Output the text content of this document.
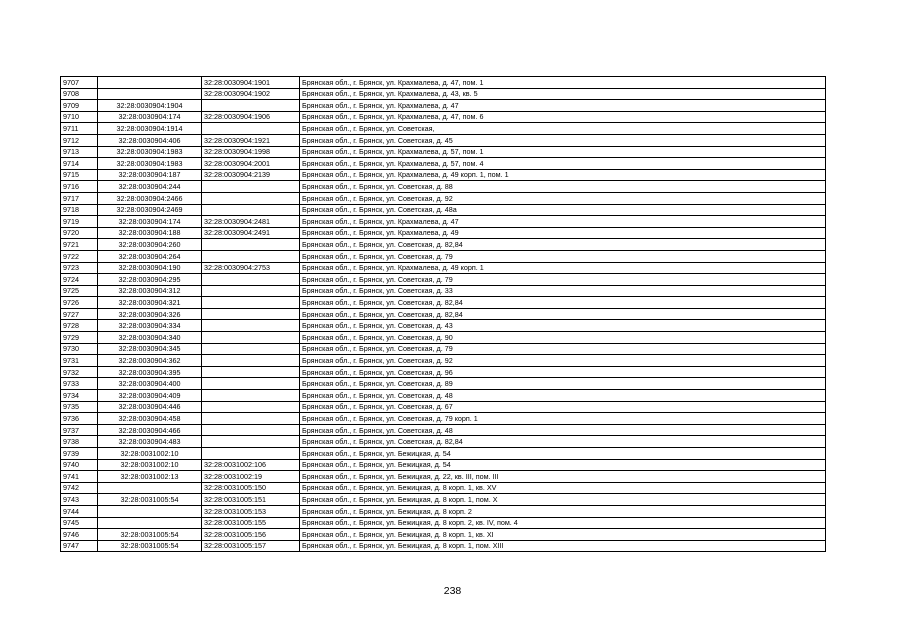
9707		32:28:0030904:1901	Брянская обл., г. Брянск, ул. Крахмалева, д. 47, пом. 1
9708		32:28:0030904:1902	Брянская обл., г. Брянск, ул. Крахмалева, д. 43, кв. 5
9709	32:28:0030904:1904		Брянская обл., г. Брянск, ул. Крахмалева, д. 47
9710	32:28:0030904:174	32:28:0030904:1906	Брянская обл., г. Брянск, ул. Крахмалева, д. 47, пом. 6
9711	32:28:0030904:1914		Брянская обл., г. Брянск, ул. Советская,
9712	32:28:0030904:406	32:28:0030904:1921	Брянская обл., г. Брянск, ул. Советская, д. 45
9713	32:28:0030904:1983	32:28:0030904:1998	Брянская обл., г. Брянск, ул. Крахмалева, д. 57, пом. 1
9714	32:28:0030904:1983	32:28:0030904:2001	Брянская обл., г. Брянск, ул. Крахмалева, д. 57, пом. 4
9715	32:28:0030904:187	32:28:0030904:2139	Брянская обл., г. Брянск, ул. Крахмалева, д. 49 корп. 1, пом. 1
9716	32:28:0030904:244		Брянская обл., г. Брянск, ул. Советская, д. 88
9717	32:28:0030904:2466		Брянская обл., г. Брянск, ул. Советская, д. 92
9718	32:28:0030904:2469		Брянская обл., г. Брянск, ул. Советская, д. 48а
9719	32:28:0030904:174	32:28:0030904:2481	Брянская обл., г. Брянск, ул. Крахмалева, д. 47
9720	32:28:0030904:188	32:28:0030904:2491	Брянская обл., г. Брянск, ул. Крахмалева, д. 49
9721	32:28:0030904:260		Брянская обл., г. Брянск, ул. Советская, д. 82,84
9722	32:28:0030904:264		Брянская обл., г. Брянск, ул. Советская, д. 79
9723	32:28:0030904:190	32:28:0030904:2753	Брянская обл., г. Брянск, ул. Крахмалева, д. 49 корп. 1
9724	32:28:0030904:295		Брянская обл., г. Брянск, ул. Советская, д. 79
9725	32:28:0030904:312		Брянская обл., г. Брянск, ул. Советская, д. 33
9726	32:28:0030904:321		Брянская обл., г. Брянск, ул. Советская, д. 82,84
9727	32:28:0030904:326		Брянская обл., г. Брянск, ул. Советская, д. 82,84
9728	32:28:0030904:334		Брянская обл., г. Брянск, ул. Советская, д. 43
9729	32:28:0030904:340		Брянская обл., г. Брянск, ул. Советская, д. 90
9730	32:28:0030904:345		Брянская обл., г. Брянск, ул. Советская, д. 79
9731	32:28:0030904:362		Брянская обл., г. Брянск, ул. Советская, д. 92
9732	32:28:0030904:395		Брянская обл., г. Брянск, ул. Советская, д. 96
9733	32:28:0030904:400		Брянская обл., г. Брянск, ул. Советская, д. 89
9734	32:28:0030904:409		Брянская обл., г. Брянск, ул. Советская, д. 48
9735	32:28:0030904:446		Брянская обл., г. Брянск, ул. Советская, д. 67
9736	32:28:0030904:458		Брянская обл., г. Брянск, ул. Советская, д. 79 корп. 1
9737	32:28:0030904:466		Брянская обл., г. Брянск, ул. Советская, д. 48
9738	32:28:0030904:483		Брянская обл., г. Брянск, ул. Советская, д. 82,84
9739	32:28:0031002:10		Брянская обл., г. Брянск, ул. Бежицкая, д. 54
9740	32:28:0031002:10	32:28:0031002:106	Брянская обл., г. Брянск, ул. Бежицкая, д. 54
9741	32:28:0031002:13	32:28:0031002:19	Брянская обл., г. Брянск, ул. Бежицкая, д. 22, кв. III, пом. III
9742		32:28:0031005:150	Брянская обл., г. Брянск, ул. Бежицкая, д. 8 корп. 1, кв. XV
9743	32:28:0031005:54	32:28:0031005:151	Брянская обл., г. Брянск, ул. Бежицкая, д. 8 корп. 1, пом. X
9744		32:28:0031005:153	Брянская обл., г. Брянск, ул. Бежицкая, д. 8 корп. 2
9745		32:28:0031005:155	Брянская обл., г. Брянск, ул. Бежицкая, д. 8 корп. 2, кв. IV, пом. 4
9746	32:28:0031005:54	32:28:0031005:156	Брянская обл., г. Брянск, ул. Бежицкая, д. 8 корп. 1, кв. XI
9747	32:28:0031005:54	32:28:0031005:157	Брянская обл., г. Брянск, ул. Бежицкая, д. 8 корп. 1, пом. XIII
238
